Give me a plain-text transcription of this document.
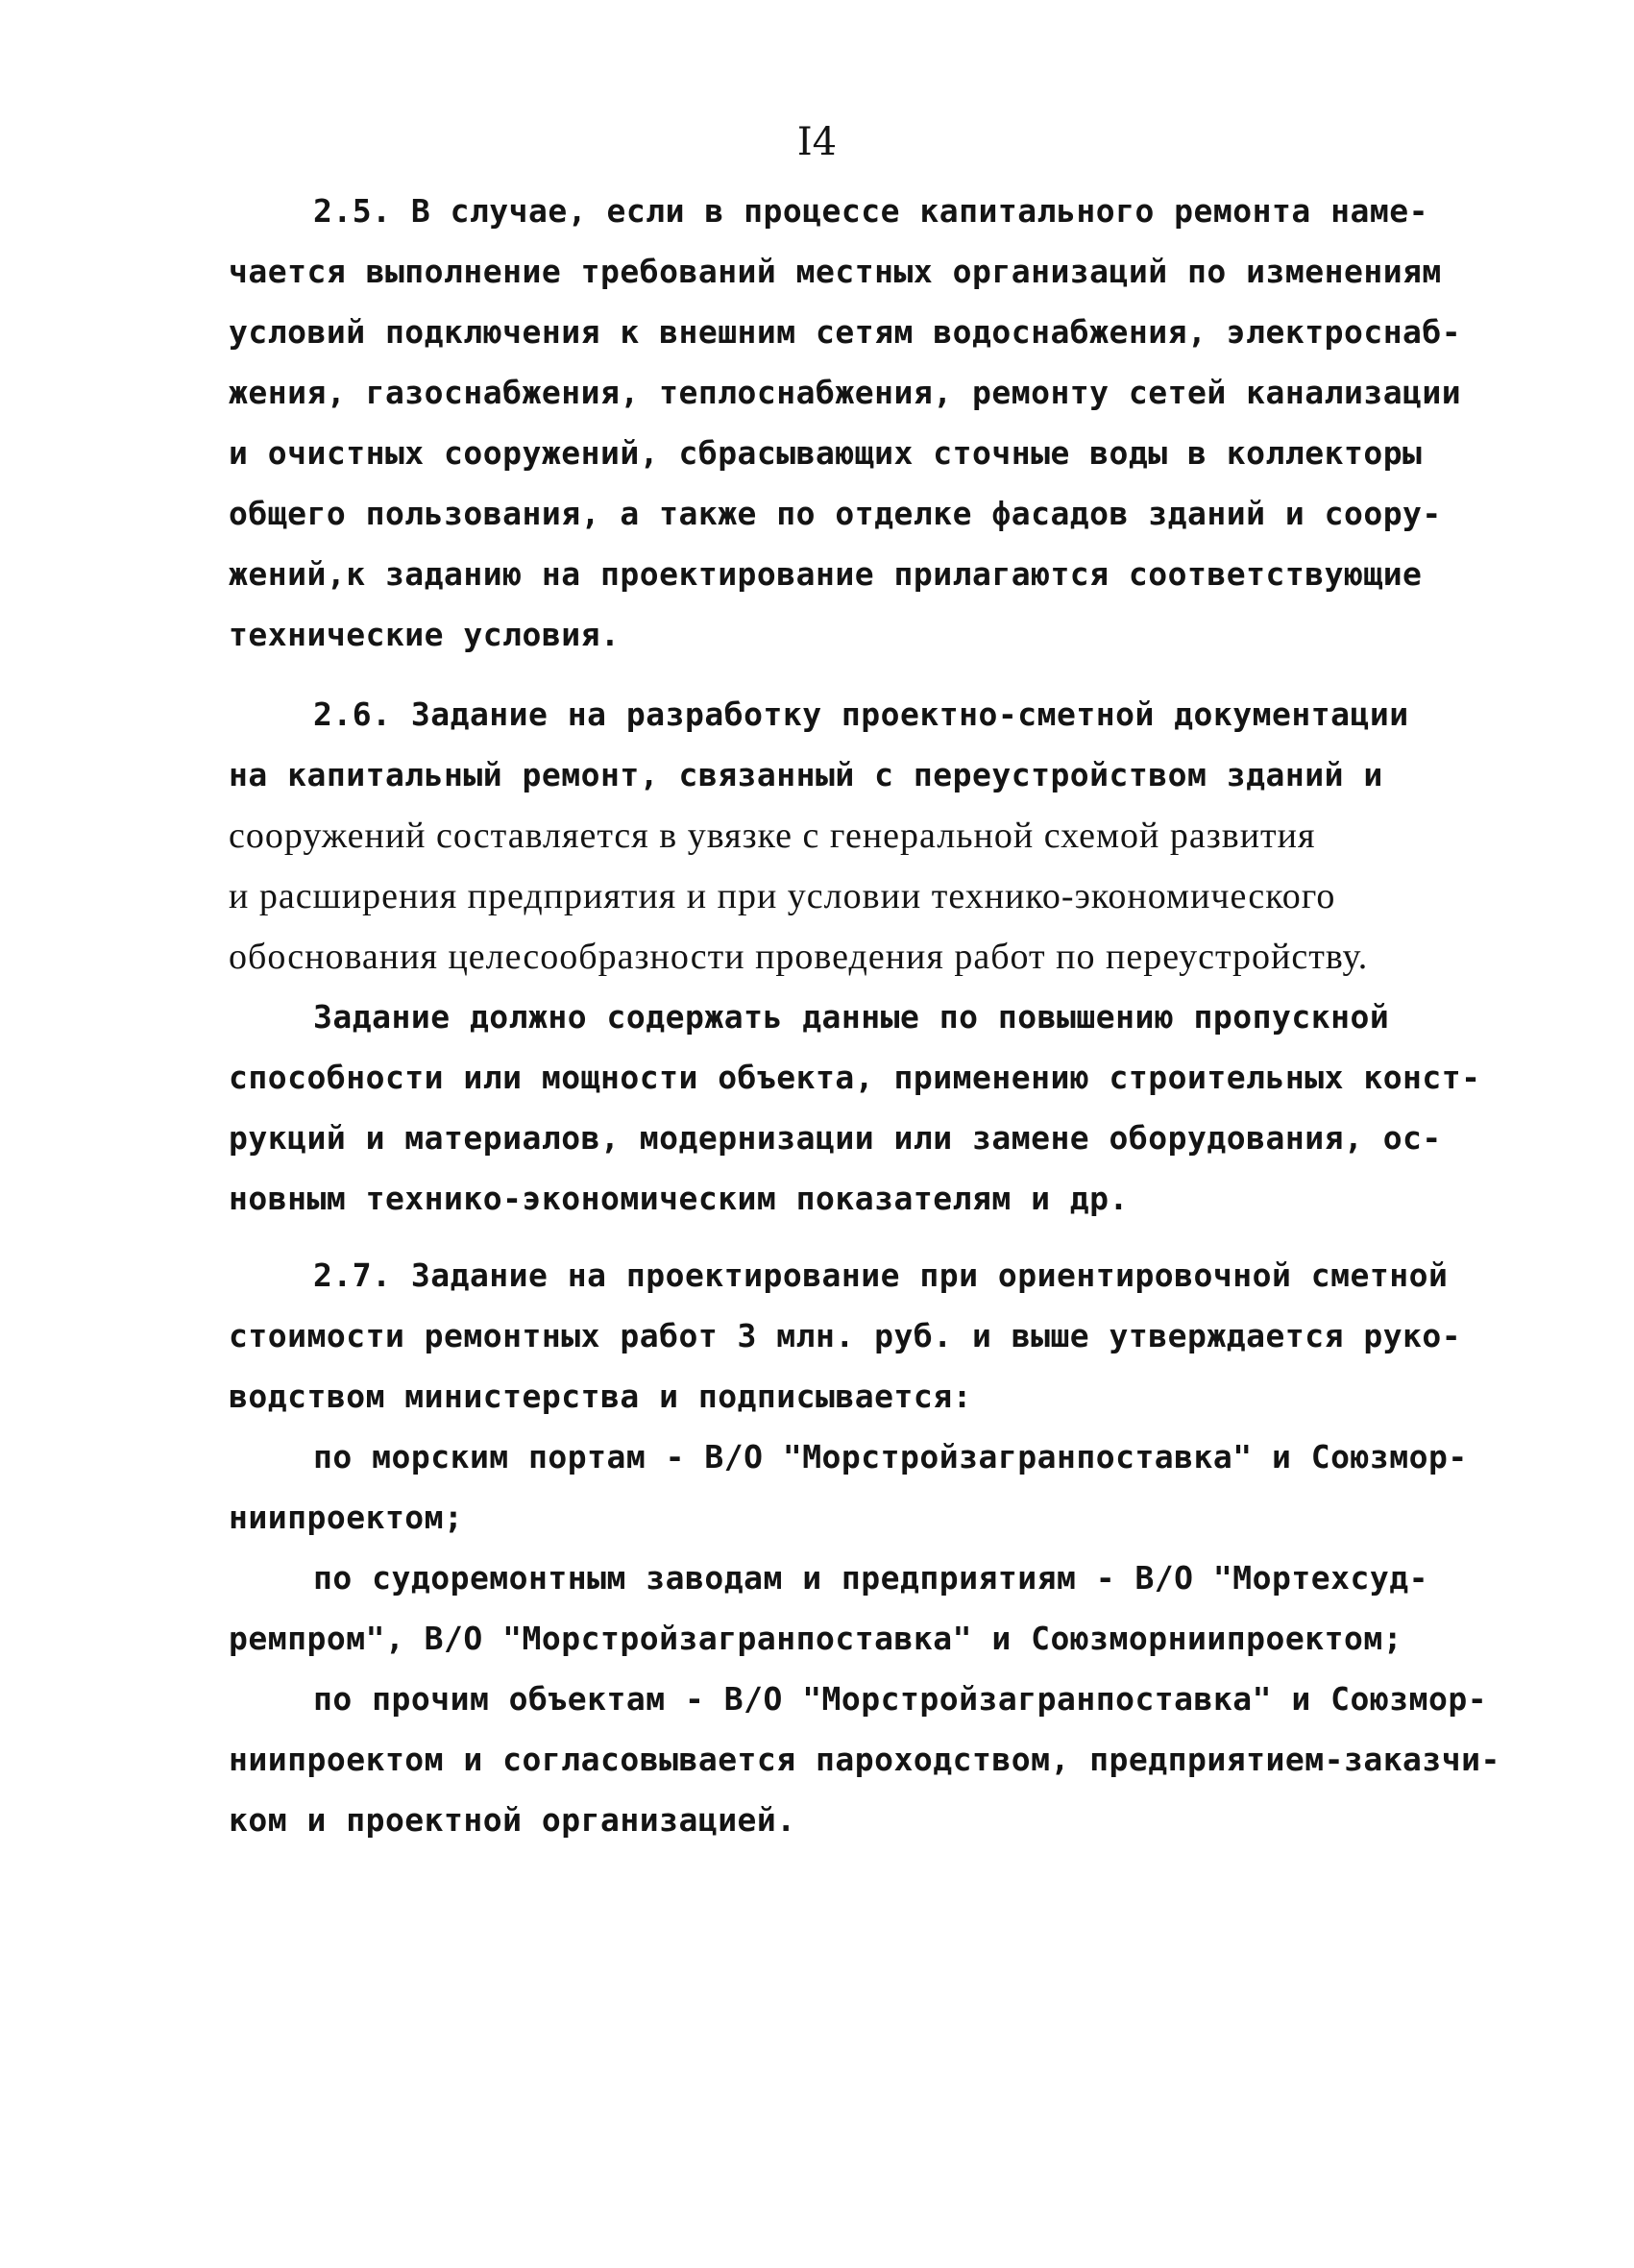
I4
2.5. В случае, если в процессе капитального ремонта наме-
чается выполнение требований местных организаций по изменениям
условий подключения к внешним сетям водоснабжения, электроснаб-
жения, газоснабжения, теплоснабжения, ремонту сетей канализации
и очистных сооружений, сбрасывающих сточные воды в коллекторы
общего пользования, а также по отделке фасадов зданий и соору-
жений,к заданию на проектирование прилагаются соответствующие
технические условия.
2.6. Задание на разработку проектно-сметной документации
на капитальный ремонт, связанный с переустройством зданий и
сооружений составляется в увязке с генеральной схемой развития
и расширения предприятия и при условии технико-экономического
обоснования целесообразности проведения работ по переустройству.
Задание должно содержать данные по повышению пропускной
способности или мощности объекта, применению строительных конст-
рукций и материалов, модернизации или замене оборудования, ос-
новным технико-экономическим показателям и др.
2.7. Задание на проектирование при ориентировочной сметной
стоимости ремонтных работ 3 млн. руб. и выше утверждается руко-
водством министерства и подписывается:
по морским портам - В/О "Морстройзагранпоставка" и Союзмор-
ниипроектом;
по судоремонтным заводам и предприятиям - В/О "Мортехсуд-
ремпром", В/О "Морстройзагранпоставка" и Союзморниипроектом;
по прочим объектам - В/О "Морстройзагранпоставка" и Союзмор-
ниипроектом и согласовывается пароходством, предприятием-заказчи-
ком и проектной организацией.
